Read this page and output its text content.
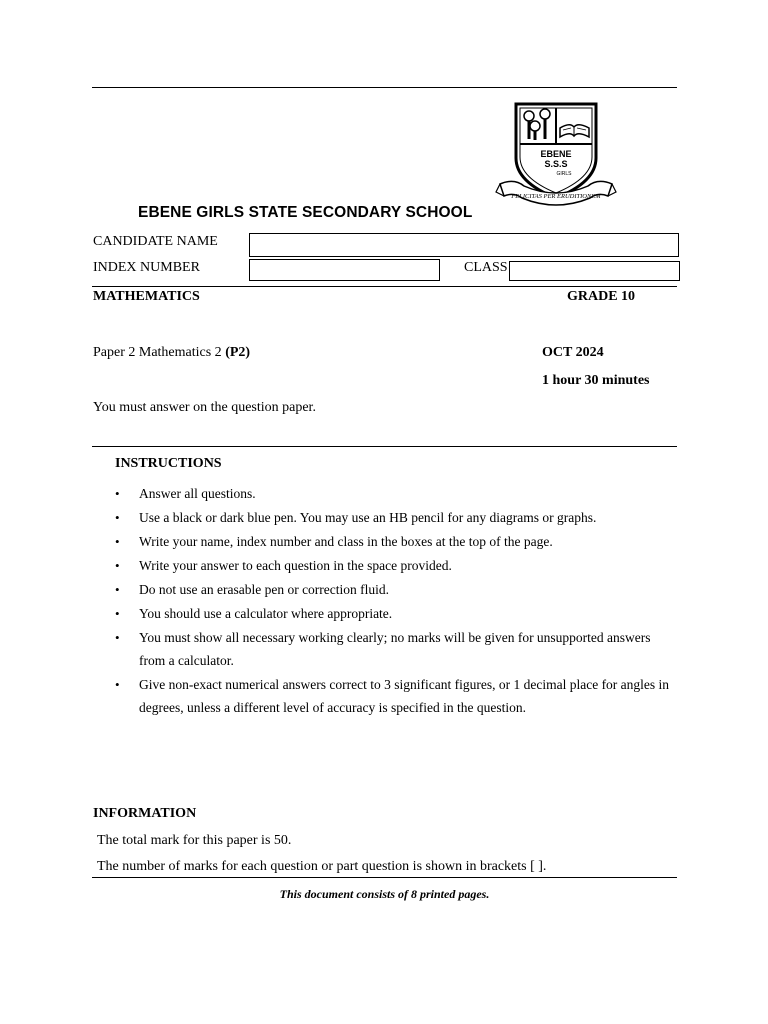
EBENE
S.S.S
GIRLS
FELICITAS PER ERUDITIONEM
EBENE GIRLS STATE SECONDARY SCHOOL
CANDIDATE NAME
INDEX NUMBER	CLASS
MATHEMATICS	GRADE 10
Paper 2 Mathematics 2 (P2)	OCT 2024
1 hour 30 minutes
You must answer on the question paper.
INSTRUCTIONS
• Answer all questions.
• Use a black or dark blue pen. You may use an HB pencil for any diagrams or graphs.
• Write your name, index number and class in the boxes at the top of the page.
• Write your answer to each question in the space provided.
• Do not use an erasable pen or correction fluid.
• You should use a calculator where appropriate.
• You must show all necessary working clearly; no marks will be given for unsupported answers from a calculator.
• Give non-exact numerical answers correct to 3 significant figures, or 1 decimal place for angles in degrees, unless a different level of accuracy is specified in the question.
INFORMATION
The total mark for this paper is 50.
The number of marks for each question or part question is shown in brackets [ ].
This document consists of 8 printed pages.
